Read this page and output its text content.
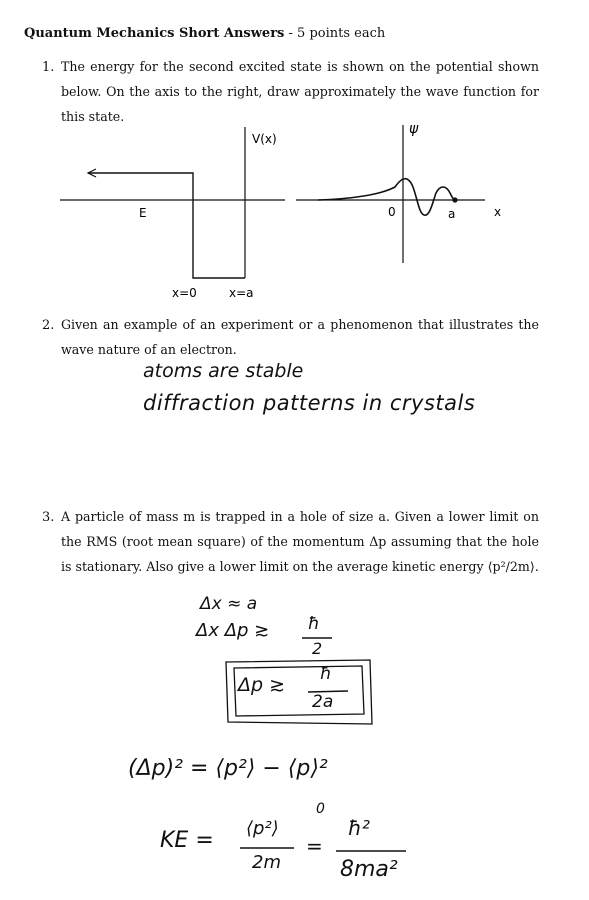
Quantum Mechanics Short Answers - 5 points each
1. The energy for the second excited state is shown on the potential shown below. On the axis to the right, draw approximately the wave function for this state.

V(x)
E
x=0	x=a
ψ
0	a	x
2. Given an example of an experiment or a phenomenon that illustrates the wave nature of an electron.

atoms are stable
diffraction patterns in crystals
3. A particle of mass m is trapped in a hole of size a. Given a lower limit on the RMS (root mean square) of the momentum Δp assuming that the hole is stationary. Also give a lower limit on the average kinetic energy ⟨p²/2m⟩.

Δx ≈ a
Δx Δp ≳ ħ
2
Δp ≳ ħ
2a
(Δp)² = ⟨p²⟩ − ⟨p⟩²
0
KE = ⟨p²⟩
2m
=
ħ²
8ma²
